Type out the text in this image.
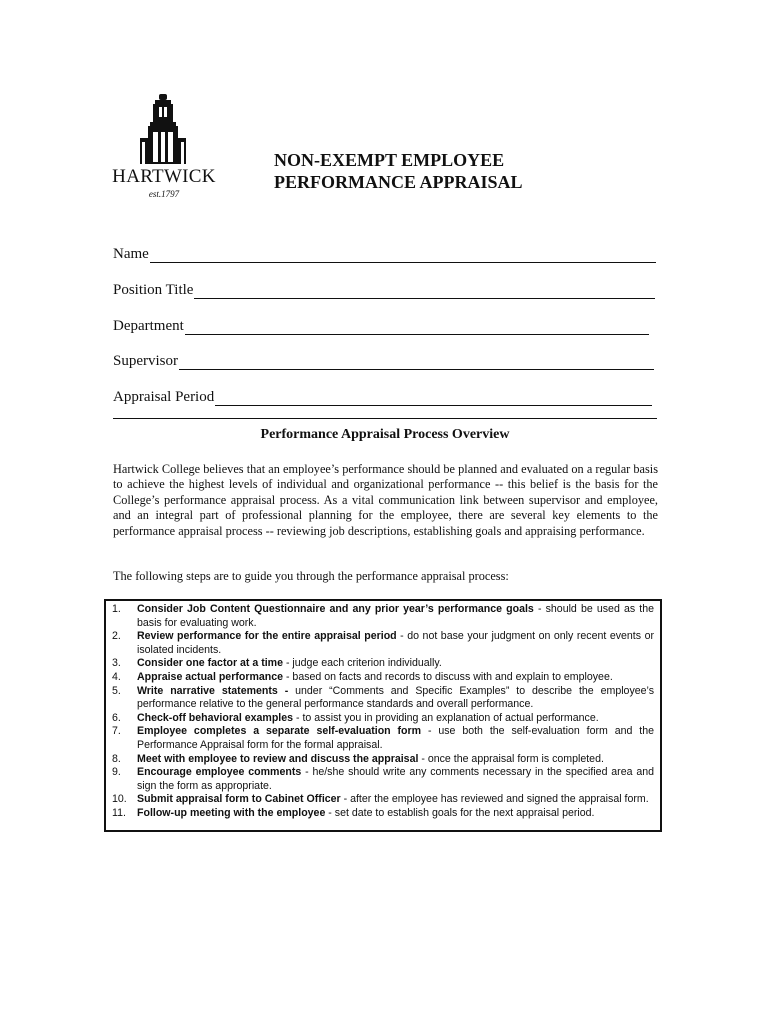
HARTWICK
est.1797
NON-EXEMPT EMPLOYEE
PERFORMANCE APPRAISAL
Name
Position Title
Department
Supervisor
Appraisal Period
Performance Appraisal Process Overview
Hartwick College believes that an employee’s performance should be planned and evaluated on a regular basis to achieve the highest levels of individual and organizational performance -- this belief is the basis for the College’s performance appraisal process. As a vital communication link between supervisor and employee, and an integral part of professional planning for the employee, there are several key elements to the performance appraisal process -- reviewing job descriptions, establishing goals and appraising performance.
The following steps are to guide you through the performance appraisal process:
1.	Consider Job Content Questionnaire and any prior year’s performance goals - should be used as the basis for evaluating work.
2.	Review performance for the entire appraisal period - do not base your judgment on only recent events or isolated incidents.
3.	Consider one factor at a time - judge each criterion individually.
4.	Appraise actual performance - based on facts and records to discuss with and explain to employee.
5.	Write narrative statements - under “Comments and Specific Examples” to describe the employee’s performance relative to the general performance standards and overall performance.
6.	Check-off behavioral examples - to assist you in providing an explanation of actual performance.
7.	Employee completes a separate self-evaluation form - use both the self-evaluation form and the Performance Appraisal form for the formal appraisal.
8.	Meet with employee to review and discuss the appraisal - once the appraisal form is completed.
9.	Encourage employee comments - he/she should write any comments necessary in the specified area and sign the form as appropriate.
10. Submit appraisal form to Cabinet Officer - after the employee has reviewed and signed the appraisal form.
11.	Follow-up meeting with the employee - set date to establish goals for the next appraisal period.
